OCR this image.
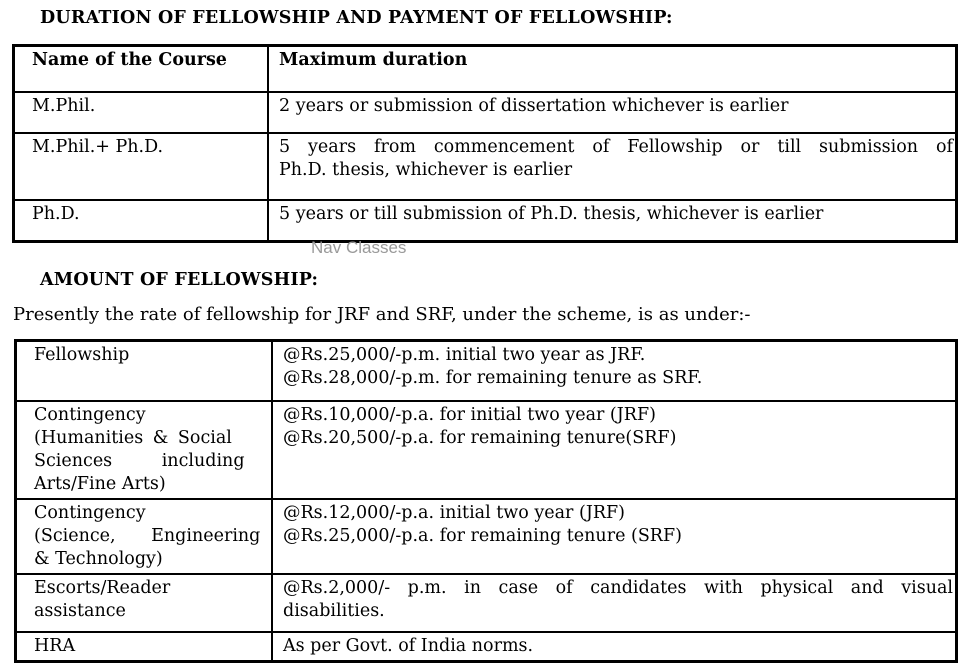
DURATION OF FELLOWSHIP AND PAYMENT OF FELLOWSHIP:
Name of the Course	Maximum duration

M.Phil.	2 years or submission of dissertation whichever is earlier

M.Phil.+ Ph.D.	5 years from commencement of Fellowship or till submission of
Ph.D. thesis, whichever is earlier

Ph.D.	5 years or till submission of Ph.D. thesis, whichever is earlier
Nav Classes
AMOUNT OF FELLOWSHIP:
Presently the rate of fellowship for JRF and SRF, under the scheme, is as under:-
Fellowship	@Rs.25,000/-p.m. initial two year as JRF.
@Rs.28,000/-p.m. for remaining tenure as SRF.

Contingency
(Humanities & Social
Sciences including
Arts/Fine Arts)	@Rs.10,000/-p.a. for initial two year (JRF)
@Rs.20,500/-p.a. for remaining tenure(SRF)

Contingency
(Science, Engineering
& Technology)	@Rs.12,000/-p.a. initial two year (JRF)
@Rs.25,000/-p.a. for remaining tenure (SRF)

Escorts/Reader
assistance	@Rs.2,000/- p.m. in case of candidates with physical and visual
disabilities.

HRA	As per Govt. of India norms.
